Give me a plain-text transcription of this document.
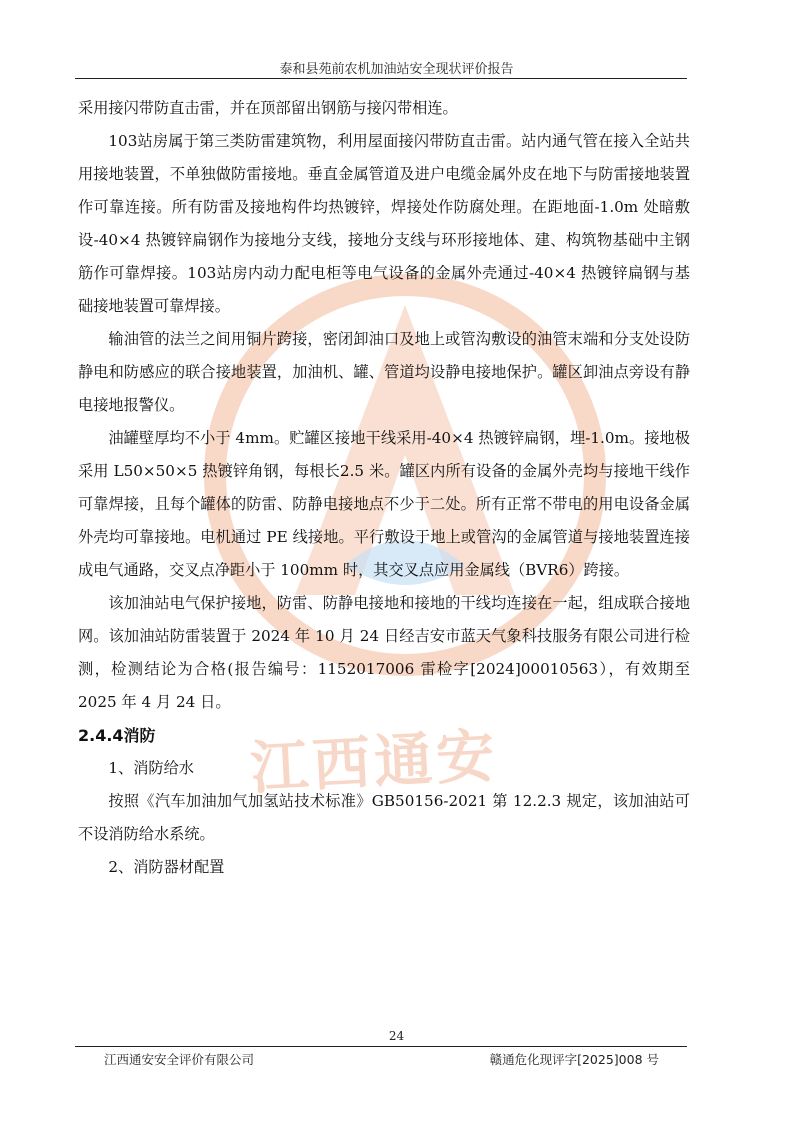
江西通安
泰和县苑前农机加油站安全现状评价报告

采用接闪带防直击雷，并在顶部留出钢筋与接闪带相连。

103站房属于第三类防雷建筑物，利用屋面接闪带防直击雷。站内通气管在接入全站共用接地装置，不单独做防雷接地。垂直金属管道及进户电缆金属外皮在地下与防雷接地装置作可靠连接。所有防雷及接地构件均热镀锌，焊接处作防腐处理。在距地面-1.0m 处暗敷设-40×4 热镀锌扁钢作为接地分支线，接地分支线与环形接地体、建、构筑物基础中主钢筋作可靠焊接。103站房内动力配电柜等电气设备的金属外壳通过-40×4 热镀锌扁钢与基础接地装置可靠焊接。

输油管的法兰之间用铜片跨接，密闭卸油口及地上或管沟敷设的油管末端和分支处设防静电和防感应的联合接地装置，加油机、罐、管道均设静电接地保护。罐区卸油点旁设有静电接地报警仪。

油罐壁厚均不小于 4mm。贮罐区接地干线采用-40×4 热镀锌扁钢，埋-1.0m。接地极采用 L50×50×5 热镀锌角钢，每根长2.5 米。罐区内所有设备的金属外壳均与接地干线作可靠焊接，且每个罐体的防雷、防静电接地点不少于二处。所有正常不带电的用电设备金属外壳均可靠接地。电机通过 PE 线接地。平行敷设于地上或管沟的金属管道与接地装置连接成电气通路，交叉点净距小于 100mm 时，其交叉点应用金属线（BVR6）跨接。

该加油站电气保护接地，防雷、防静电接地和接地的干线均连接在一起，组成联合接地网。该加油站防雷装置于 2024 年 10 月 24 日经吉安市蓝天气象科技服务有限公司进行检测，检测结论为合格(报告编号：1152017006 雷检字[2024]00010563），有效期至 2025 年 4 月 24 日。

2.4.4消防

1、消防给水

按照《汽车加油加气加氢站技术标准》GB50156-2021 第 12.2.3 规定，该加油站可不设消防给水系统。

2、消防器材配置

24
江西通安安全评价有限公司	赣通危化现评字[2025]008 号
